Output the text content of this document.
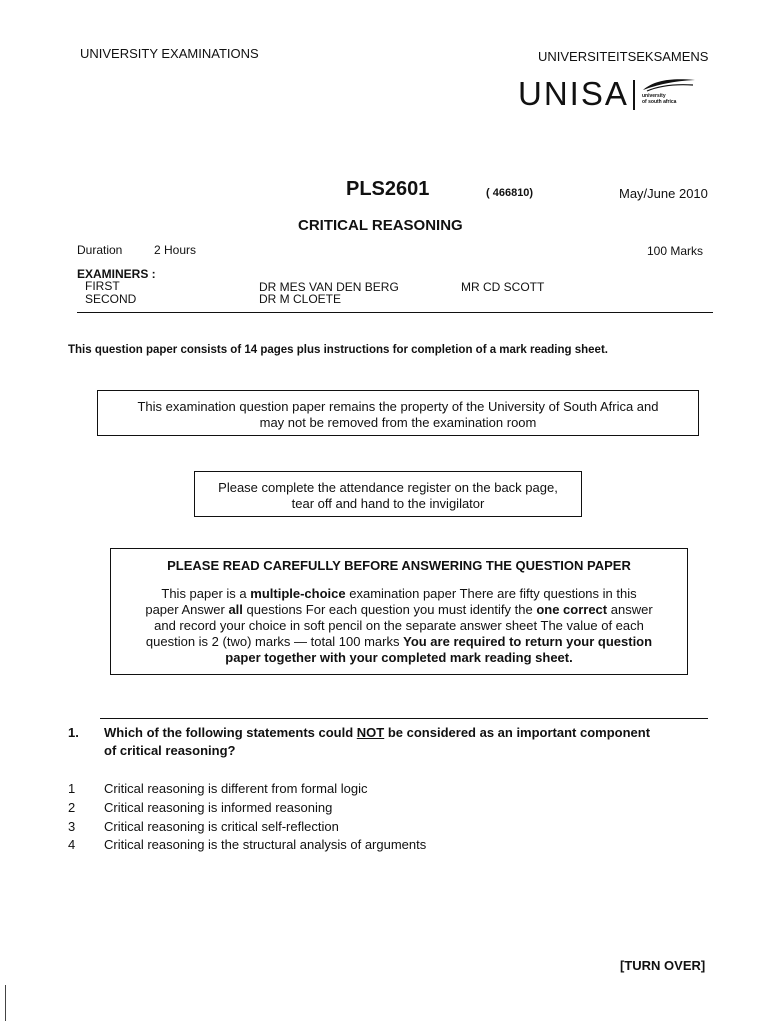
UNIVERSITY EXAMINATIONS	UNIVERSITEITSEKSAMENS
UNISA	university
of south africa
PLS2601	( 466810)	May/June 2010
CRITICAL REASONING
Duration	2 Hours	100 Marks
EXAMINERS :
FIRST	DR MES VAN DEN BERG	MR CD SCOTT
SECOND	DR M CLOETE
This question paper consists of 14 pages plus instructions for completion of a mark reading sheet.
This examination question paper remains the property of the University of South Africa and
may not be removed from the examination room
Please complete the attendance register on the back page,
tear off and hand to the invigilator
PLEASE READ CAREFULLY BEFORE ANSWERING THE QUESTION PAPER
This paper is a multiple-choice examination paper There are fifty questions in this
paper Answer all questions For each question you must identify the one correct answer
and record your choice in soft pencil on the separate answer sheet The value of each
question is 2 (two) marks — total 100 marks You are required to return your question
paper together with your completed mark reading sheet.
1. Which of the following statements could NOT be considered as an important component
of critical reasoning?
1 Critical reasoning is different from formal logic
2 Critical reasoning is informed reasoning
3 Critical reasoning is critical self-reflection
4 Critical reasoning is the structural analysis of arguments
[TURN OVER]
